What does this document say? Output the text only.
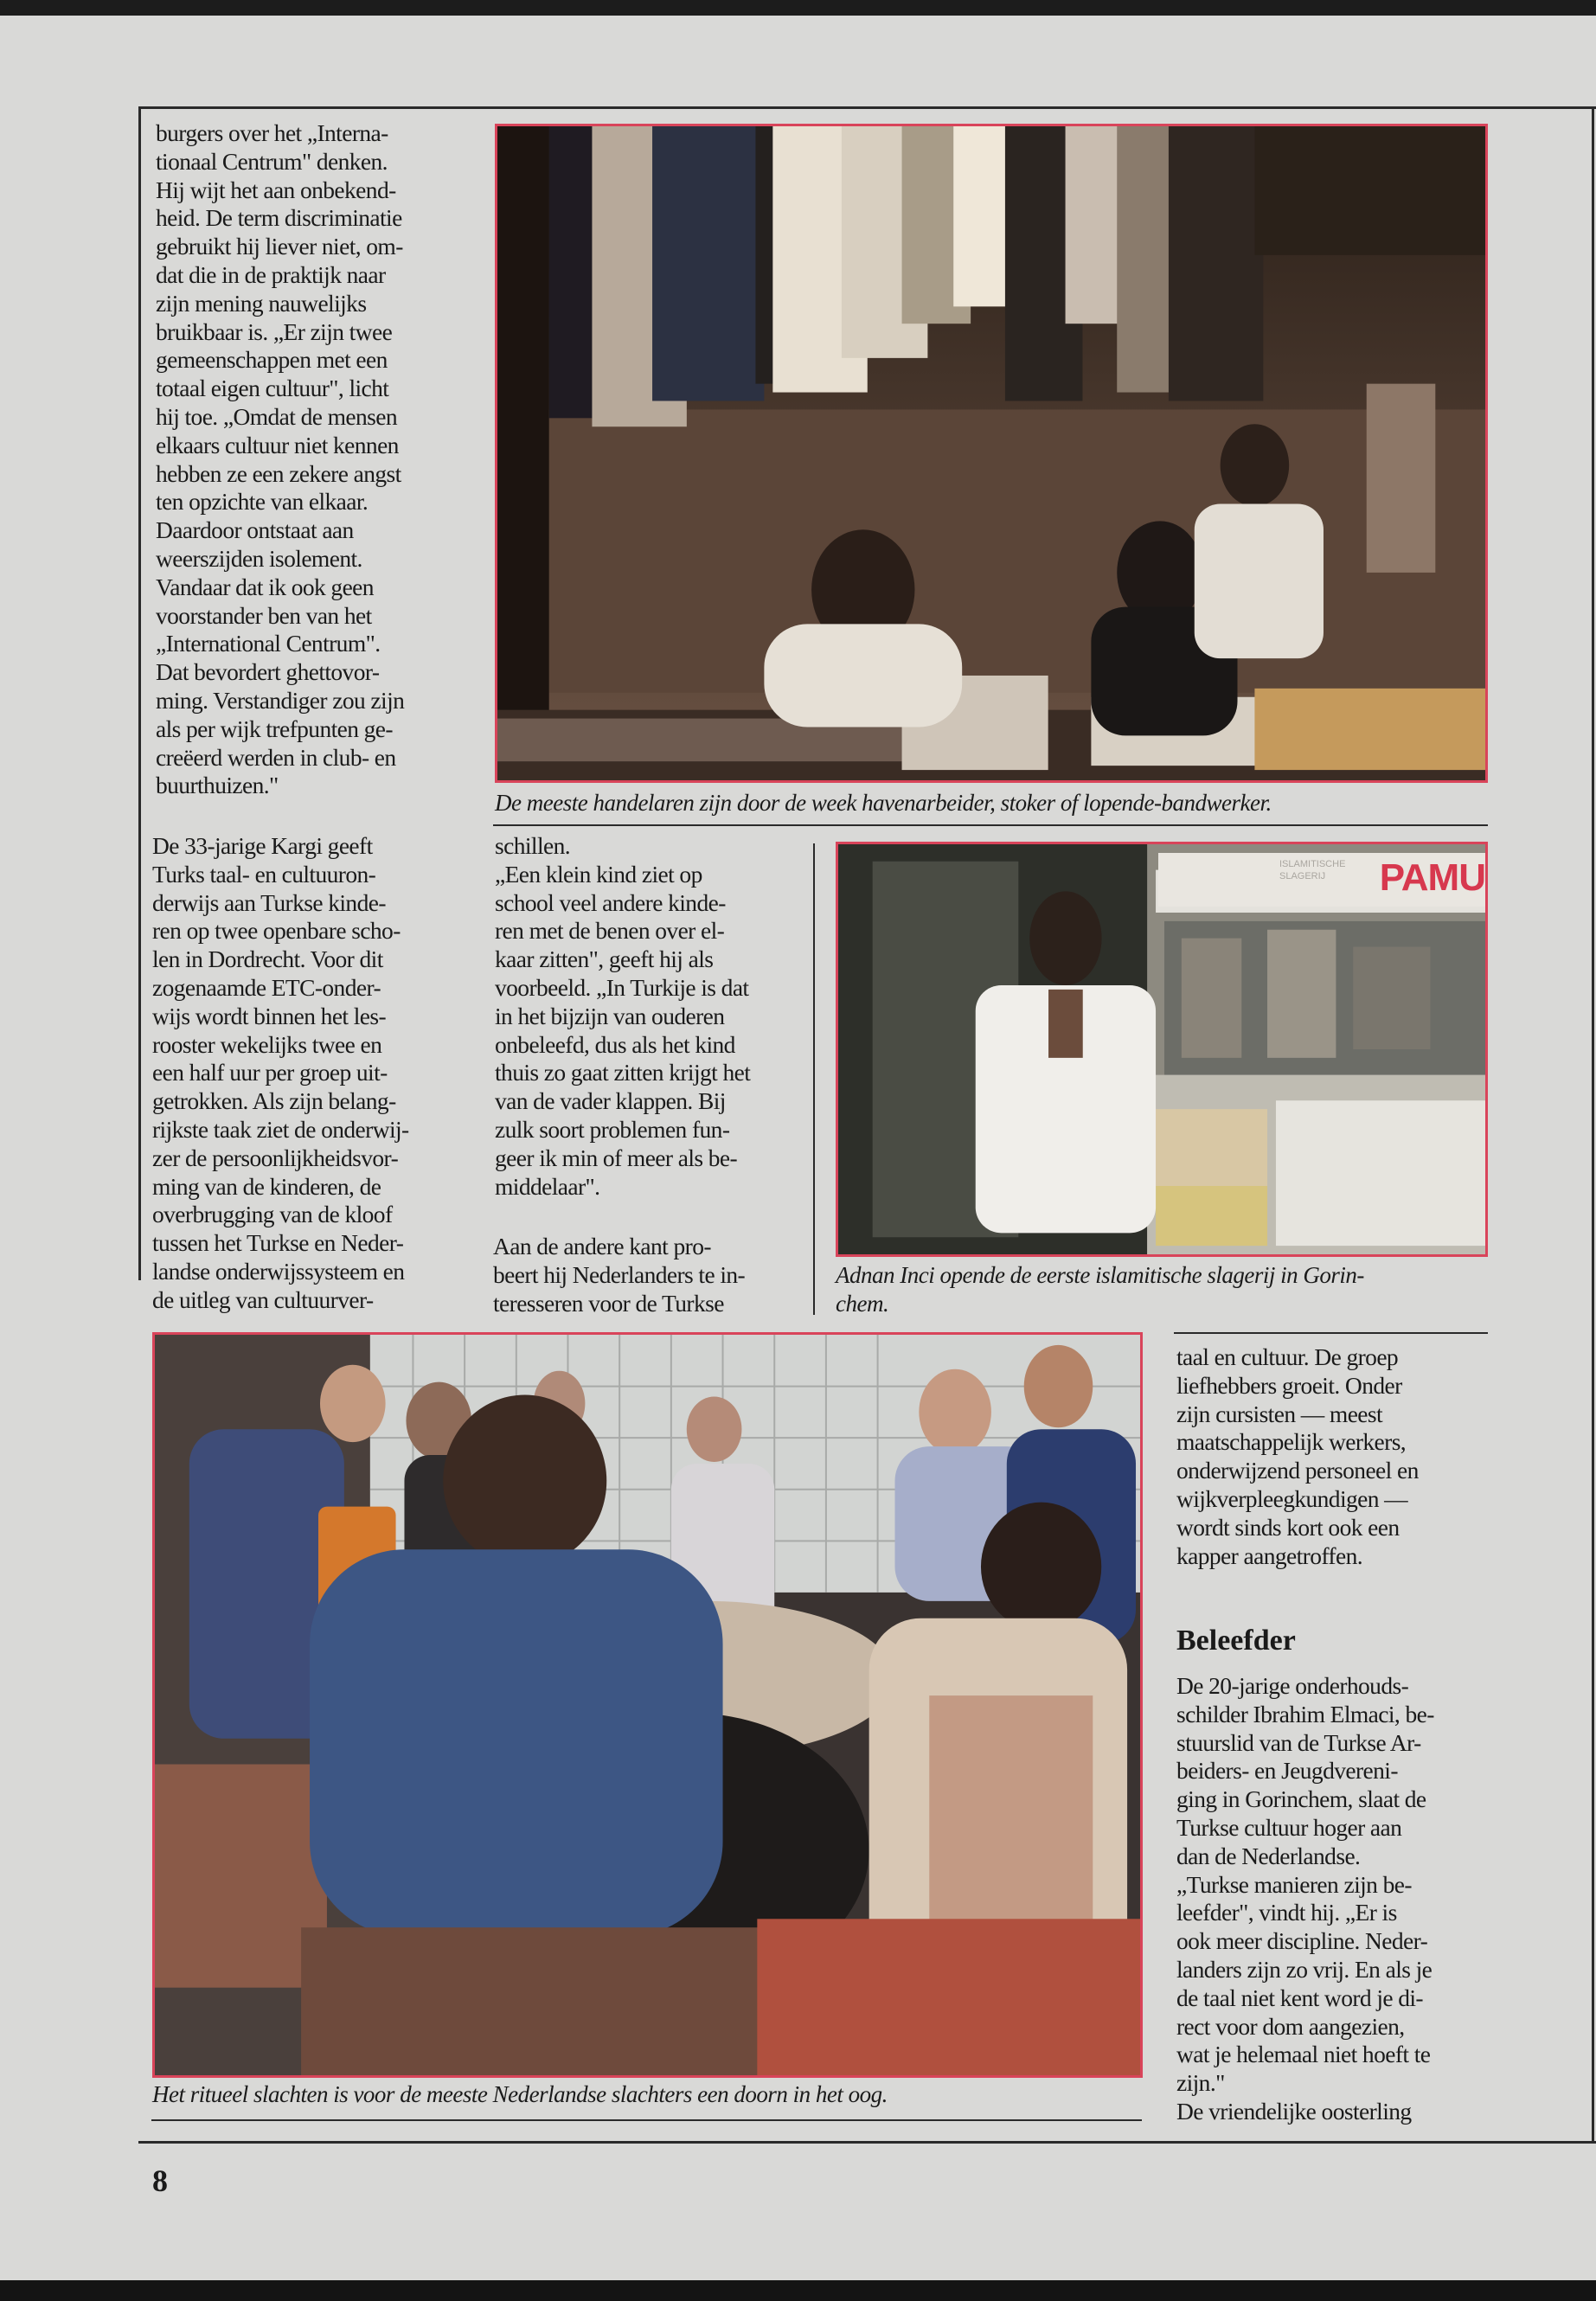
burgers over het „Interna-
tionaal Centrum" denken.
Hij wijt het aan onbekend-
heid. De term discriminatie
gebruikt hij liever niet, om-
dat die in de praktijk naar
zijn mening nauwelijks
bruikbaar is. „Er zijn twee
gemeenschappen met een
totaal eigen cultuur", licht
hij toe. „Omdat de mensen
elkaars cultuur niet kennen
hebben ze een zekere angst
ten opzichte van elkaar.
Daardoor ontstaat aan
weerszijden isolement.
Vandaar dat ik ook geen
voorstander ben van het
„International Centrum".
Dat bevordert ghettovor-
ming. Verstandiger zou zijn
als per wijk trefpunten ge-
creëerd werden in club- en
buurthuizen."

De 33-jarige Kargi geeft
Turks taal- en cultuuron-
derwijs aan Turkse kinde-
ren op twee openbare scho-
len in Dordrecht. Voor dit
zogenaamde ETC-onder-
wijs wordt binnen het les-
rooster wekelijks twee en
een half uur per groep uit-
getrokken. Als zijn belang-
rijkste taak ziet de onderwij-
zer de persoonlijkheidsvor-
ming van de kinderen, de
overbrugging van de kloof
tussen het Turkse en Neder-
landse onderwijssysteem en
de uitleg van cultuurver-

schillen.
„Een klein kind ziet op
school veel andere kinde-
ren met de benen over el-
kaar zitten", geeft hij als
voorbeeld. „In Turkije is dat
in het bijzijn van ouderen
onbeleefd, dus als het kind
thuis zo gaat zitten krijgt het
van de vader klappen. Bij
zulk soort problemen fun-
geer ik min of meer als be-
middelaar".

Aan de andere kant pro-
beert hij Nederlanders te in-
teresseren voor de Turkse

taal en cultuur. De groep
liefhebbers groeit. Onder
zijn cursisten — meest
maatschappelijk werkers,
onderwijzend personeel en
wijkverpleegkundigen —
wordt sinds kort ook een
kapper aangetroffen.

Beleefder

De 20-jarige onderhouds-
schilder Ibrahim Elmaci, be-
stuurslid van de Turkse Ar-
beiders- en Jeugdvereni-
ging in Gorinchem, slaat de
Turkse cultuur hoger aan
dan de Nederlandse.
„Turkse manieren zijn be-
leefder", vindt hij. „Er is
ook meer discipline. Neder-
landers zijn zo vrij. En als je
de taal niet kent word je di-
rect voor dom aangezien,
wat je helemaal niet hoeft te
zijn."
De vriendelijke oosterling

De meeste handelaren zijn door de week havenarbeider, stoker of lopende-bandwerker.

Adnan Inci opende de eerste islamitische slagerij in Gorin-
chem.

Het ritueel slachten is voor de meeste Nederlandse slachters een doorn in het oog.

8
ISLAMITISCHE
SLAGERIJ	PAMU
